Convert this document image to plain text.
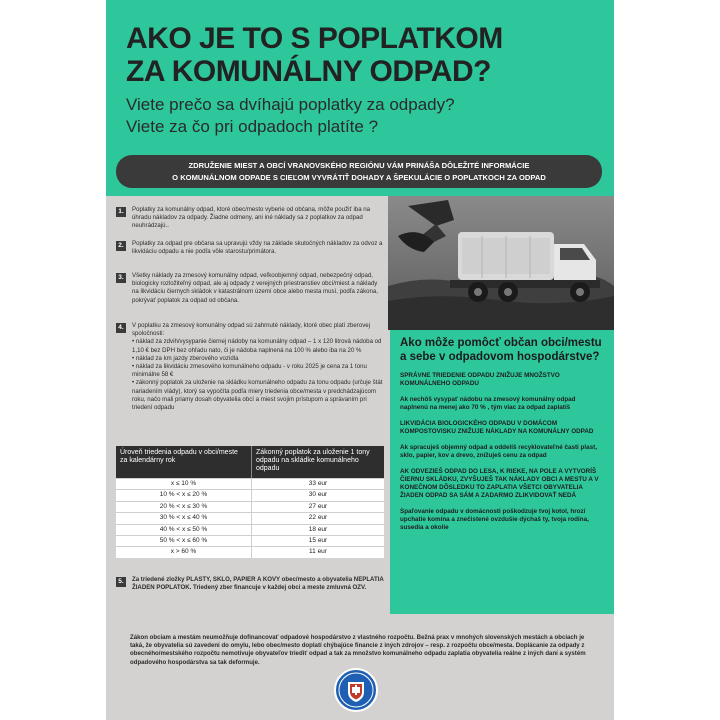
AKO JE TO S POPLATKOM
ZA KOMUNÁLNY ODPAD?
Viete prečo sa dvíhajú poplatky za odpady?
Viete za čo pri odpadoch platíte ?
ZDRUŽENIE MIEST A OBCÍ VRANOVSKÉHO REGIÓNU VÁM PRINÁŠA DÔLEŽITÉ INFORMÁCIE
O KOMUNÁLNOM ODPADE S CIEĽOM VYVRÁTIŤ DOHADY A ŠPEKULÁCIE O POPLATKOCH ZA ODPAD
1.	Poplatky za komunálny odpad, ktoré obec/mesto vyberie od občana, môže použiť iba na úhradu nákladov za odpady. Žiadne odmeny, ani iné náklady sa z poplatkov za odpad neuhrádzajú..
2.	Poplatky za odpad pre občana sa upravujú vždy na základe skutočných nákladov za odvoz a likvidáciu odpadu a nie podľa vôle starostu/primátora.
3.	Všetky náklady za zmesový komunálny odpad, veľkoobjemný odpad, nebezpečný odpad, biologicky rozložiteľný odpad, ale aj odpady z verejných priestranstiev obcí/miest a náklady na likvidáciu čiernych skládok v katastrálnom území obce alebo mesta musí, podľa zákona, pokrývať poplatok za odpad od občana.
4.	V poplatku za zmesový komunálny odpad sú zahrnuté náklady, ktoré obec platí zberovej spoločnosti:
• náklad za zdvih/vysypanie čiernej nádoby na komunálny odpad – 1 x 120 litrová nádoba od 1,10 € bez DPH bez ohľadu nato, či je nádoba naplnená na 100 % alebo iba na 20 %
• náklad za km jazdy zberového vozidla
• náklad za likvidáciu zmesového komunálneho odpadu - v roku 2025 je cena za 1 tonu minimálne 58 €
• zákonný poplatok za uloženie na skládku komunálneho odpadu za tonu odpadu (určuje štát nariadením vlády), ktorý sa vypočíta podľa miery triedenia obce/mesta v predchádzajúcom roku, načo mali priamy dosah obyvatelia obcí a miest svojim prístupom a správaním pri triedení odpadu
5.	Za triedené zložky PLASTY, SKLO, PAPIER A KOVY obec/mesto a obyvatelia NEPLATIA ŽIADEN POPLATOK. Triedený zber financuje v každej obci a meste zmluvná OZV.
Úroveň triedenia odpadu v obci/meste za kalendárny rok
Zákonný poplatok za uloženie 1 tony odpadu na skládke komunálneho odpadu
x ≤ 10 %	33 eur
10 % < x ≤ 20 %	30 eur
20 % < x ≤ 30 %	27 eur
30 % < x ≤ 40 %	22 eur
40 % < x ≤ 50 %	18 eur
50 % < x ≤ 60 %	15 eur
x > 60 %	11 eur
Ako môže pomôcť občan obci/mestu a sebe v odpadovom hospodárstve?
SPRÁVNE TRIEDENIE ODPADU ZNIŽUJE MNOŽSTVO KOMUNÁLNEHO ODPADU
Ak nechôš vysypať nádobu na zmesový komunálny odpad naplnenú na menej ako 70 % , tým viac za odpad zaplatíš
LIKVIDÁCIA BIOLOGICKÉHO ODPADU V DOMÁCOM KOMPOSTOVISKU ZNIŽUJE NÁKLADY NA KOMUNÁLNY ODPAD
Ak spracuješ objemný odpad a oddelíš recyklovateľné časti plast, sklo, papier, kov a drevo, znížuješ cenu za odpad
AK ODVEZIEŠ ODPAD DO LESA, K RIEKE, NA POLE A VYTVORÍŠ ČIERNU SKLÁDKU, ZVYŠUJEŠ TAK NÁKLADY OBCI A MESTU A V KONEČNOM DÔSLEDKU TO ZAPLATIA VŠETCI OBYVATELIA
ŽIADEN ODPAD SA SÁM A ZADARMO ZLIKVIDOVAŤ NEDÁ
Spaľovanie odpadu v domácnosti poškodzuje tvoj kotol, hrozí upchatie komína a znečistené ovzdušie dýchaš ty, tvoja rodina, susedia a okolie
Zákon obciam a mestám neumožňuje dofinancovať odpadové hospodárstvo z vlastného rozpočtu. Bežná prax v mnohých slovenských mestách a obciach je taká, že obyvatelia sú zavedení do omylu, lebo obec/mesto doplatí chýbajúce financie z iných zdrojov – resp. z rozpočtu obce/mesta. Doplácanie za odpady z obecného/mestského rozpočtu nemotivuje obyvateľov triediť odpad a tak za množstvo komunálneho odpadu zaplatia obyvatelia reálne z iných daní a systém odpadového hospodárstva sa tak deformuje.
